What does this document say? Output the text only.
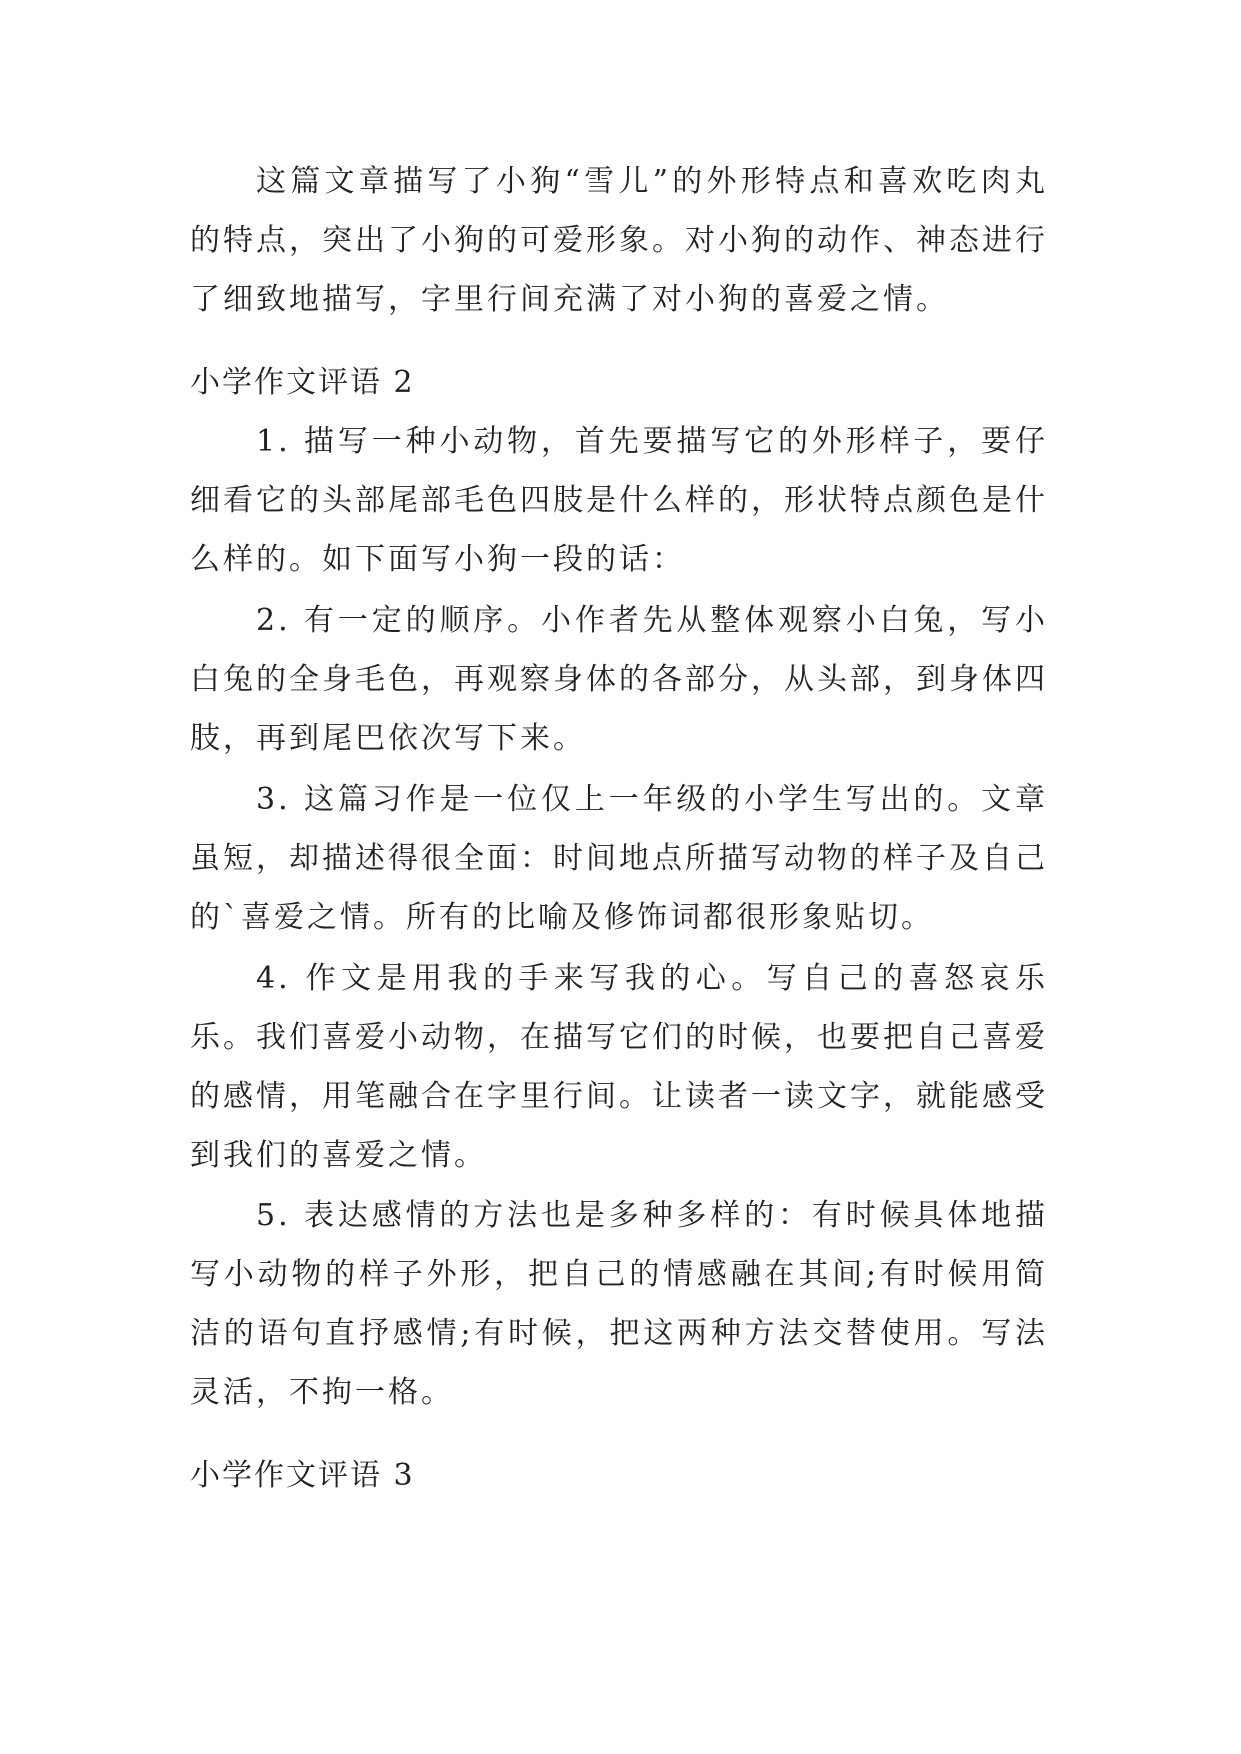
这篇文章描写了小狗“雪儿”的外形特点和喜欢吃肉丸的特点，突出了小狗的可爱形象。对小狗的动作、神态进行了细致地描写，字里行间充满了对小狗的喜爱之情。

小学作文评语 2

1. 描写一种小动物，首先要描写它的外形样子，要仔细看它的头部尾部毛色四肢是什么样的，形状特点颜色是什么样的。如下面写小狗一段的话：

2. 有一定的顺序。小作者先从整体观察小白兔，写小白兔的全身毛色，再观察身体的各部分，从头部，到身体四肢，再到尾巴依次写下来。

3. 这篇习作是一位仅上一年级的小学生写出的。文章虽短，却描述得很全面：时间地点所描写动物的样子及自己的`喜爱之情。所有的比喻及修饰词都很形象贴切。

4. 作文是用我的手来写我的心。写自己的喜怒哀乐乐。我们喜爱小动物，在描写它们的时候，也要把自己喜爱的感情，用笔融合在字里行间。让读者一读文字，就能感受到我们的喜爱之情。

5. 表达感情的方法也是多种多样的：有时候具体地描写小动物的样子外形，把自己的情感融在其间;有时候用简洁的语句直抒感情;有时候，把这两种方法交替使用。写法灵活，不拘一格。

小学作文评语 3
